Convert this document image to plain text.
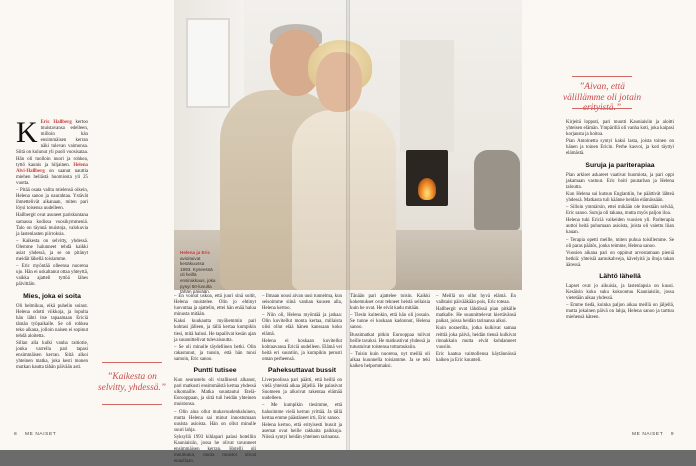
Helena ja Eric avioituivat kesäkuussa 1993. Kyseessä oli heillä ensirakkaus, joka pysyi 50-luvulta tähän päivään.

K Eric Hallberg kertoo muistavansa edelleen, milloin hän ensimmäisen kerran näki tulevan vaimonsa. Siitä on kulunut yli puoli vuosisataa. Hän oli tuolloin nuori ja rohkea, tyttö kaunis ja hiljainen. Helena Alvi-Hallberg on saanut nauttia miehen hellästä huomiosta yli 25 vuotta.

– Pitää osata valita mielensä oikein, Helena sanoo ja naurahtaa. Ystävät ihmettelivät aikanaan, miten pari löysi toisensa uudelleen.

Hallbergit ovat asuneet pariskuntana samassa kodissa vuosikymmeniä. Talo on täynnä muistoja, valokuvia ja lastenlasten piirroksia.

– Kaikesta on selvitty, yhdessä. Olemme halunneet tehdä kaikki asiat yhdessä, ja se on pitänyt meidät lähellä toisiamme.

– Eric myöntää olleensa nuorena ujo. Hän ei uskaltanut ottaa yhteyttä, vaikka ajatteli tyttöä lähes päivittäin.

Mies, joka ei soita

Oli helmikuu, eikä puhelin soinut. Helena odotti viikkoja, ja lopulta hän lähti itse tapaamaan Ericiä tämän työpaikalle. Se oli rohkea teko aikana, jolloin naisen ei sopinut tehdä aloitetta.

Sillan alla kulki vanha raitiotie, jonka varrella pari tapasi ensimmäisen kerran. Siitä alkoi yhteinen matka, joka kesti monen mutkan kautta tähän päivään asti.

”Kaikesta on selvitty, yhdessä.”

– En voinut uskoa, että juuri sinä soitit, Helena muistelee. Olin jo ehtinyt luovuttaa ja ajattelin, ettei hän enää halua minusta mitään.

Kaksi kuukautta myöhemmin pari kohtasi jälleen, ja tällä kertaa kumpikin tiesi, mitä halusi. He tapailivat kesän ajan ja suunnittelivat tulevaisuutta.

– Se oli minulle täydellinen hetki. Olin rakastunut, ja tunsin, että hän tunsi samoin, Eric sanoo.

Punttí tutisee

Kun seurustelu oli virallisesti alkanut, pari matkusti ensimmäistä kertaa yhdessä ulkomaille. Matka suuntautui Etelä-Eurooppaan, ja siitä tuli heidän yhteinen muistonsa.

– Olin aina ollut mukavuudenhaluinen, mutta Helena sai minut innostumaan uusista asioista. Hän on ollut minulle suuri lahja.

Syksyllä 1993 kihlapari palasi hotelliin Kauniaisiin, jossa he olivat tavanneet ensimmäisen kerran. Hotelli oli muuttunut, mutta muistot olivat ennallaan.

– Ilmaan nousi aivan uusi tunnelma, kun seisoimme siinä vanhan kuusen alla, Helena kertoo.

– Niin oli, Helena myöntää ja jatkaa: Olin kuvitellut monta kertaa, millaista olisi ollut elää hänen kanssaan koko elämä.

Helena ei koskaan kuvitellut kohtaavansa Ericiä uudelleen. Elämä vei heitä eri suuntiin, ja kumpikin perusti oman perheensä.

Paheksuttavat bussit

Liverpoolissa pari päätti, että heillä on vielä yhteistä aikaa jäljellä. He palasivat Suomeen ja alkoivat rakentaa elämää uudelleen.

– Me kumpikin tiesimme, että halusimme vielä kerran yrittää. Ja tällä kertaa emme päästäneet irti, Eric sanoo.

Helena kertoo, että erityisesti bussit ja asemat ovat heille rakkaita paikkoja. Niissä syntyi heidän yhteinen tarinansa.

Tänään pari ajattelee toisin. Kaikki kokemukset ovat tehneet heistä sellaisia kuin he ovat. He eivät kadu mitään.

– Tiesin kuitenkin, että hän oli jossain. Se tunne ei koskaan kadonnut, Helena sanoo.

Bussimatkat pitkin Eurooppaa tulivat heille tavaksi. He matkustivat yhdessä ja tutustuivat toistensa tottumuksiin.

– Toisin kuin nuorena, nyt meillä oli aikaa kuunnella toisiamme. Ja se teki kaiken helpommaksi.

”Aivan, että välillämme oli jotain erityistä.”

Kirjeitä lopputi, pari muutti Kauniaisiin ja aloitti yhteisen elämän. Ympärillä oli vanha koti, joka kaipasi korjausta ja hoitoa.

Pian Antoinetta syntyi kaksi lasta, joista toinen on hänen ja toinen Ericin. Perhe kasvoi, ja koti täyttyi elämästä.

Suruja ja pariterapiaa

Pian arkiset askareet vaativat huomiota, ja pari oppi jakamaan vastuut. Eric hoiti puutarhan ja Helena taloutta.

Kun Helena sai kutsun Englantiin, he päättivät lähteä yhdessä. Matkasta tuli käänne heidän elämässään.

– Silloin ymmärsin, ettei mikään ole itsestään selvää, Eric sanoo. Suruja oli takana, mutta myös paljon iloa.

Helena tuki Ericiä vaikeiden vuosien yli. Pariterapia auttoi heitä puhumaan asioista, joista oli vaiettu liian kauan.

– Terapia opetti meille, miten puhua toisillemme. Se oli paras päätös, jonka teimme, Helena sanoo.

Vuosien aikana pari on oppinut arvostamaan pieniä hetkiä: yhteisiä aamukahveja, kävelyitä ja iltoja takan ääressä.

Lähtö lähellä

Lapset ovat jo aikuisia, ja lastenlapsia on kuusi. Kesäisin koko suku kokoontuu Kauniaisiin, jossa vietetään aikaa yhdessä.

– Emme tiedä, kuinka paljon aikaa meillä on jäljellä, mutta jokainen päivä on lahja, Helena sanoo ja tarttuu miehensä käteen.

– Meillä on ollut hyvä elämä. En vaihtaisi päivääkään pois, Eric toteaa.

Hallbergit ovat lähdössä pian pitkälle matkalle. He suunnittelevat kiertävänsä paikat, joissa heidän tarinansa alkoi.

Kuin noraerilla, jotka kulkivat samaa reittiä joka päivä, heidän tiensä kulkivat rinnakkain mutta eivät kohdanneet vuosiin.

Eric kaatua vaimollensa käytännössä kaiken ja Eric kuunteli.

8 ME NAISET	ME NAISET 9
